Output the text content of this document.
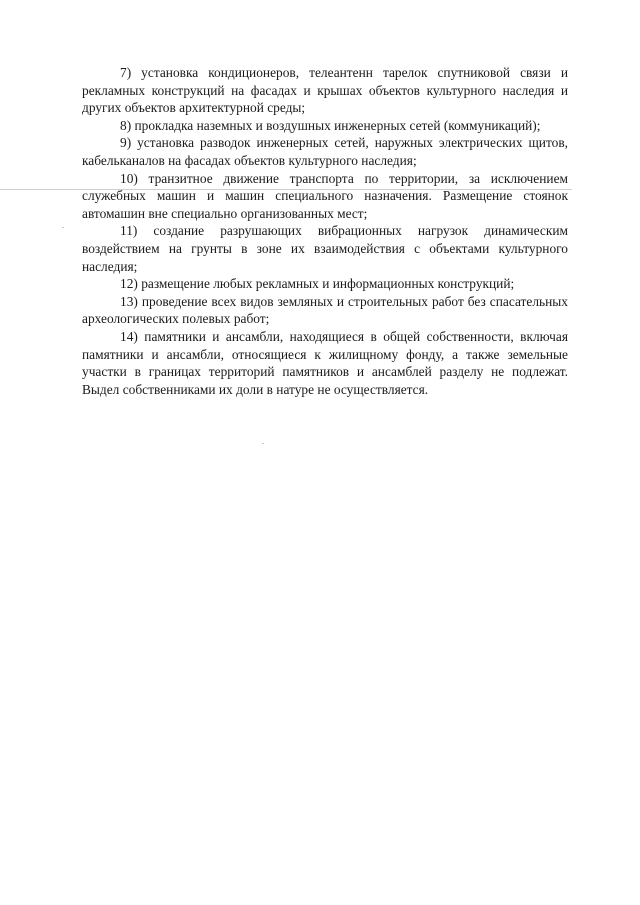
7) установка кондиционеров, телеантенн тарелок спутниковой связи и рекламных конструкций на фасадах и крышах объектов культурного наследия и других объектов архитектурной среды;

8) прокладка наземных и воздушных инженерных сетей (коммуникаций);

9) установка разводок инженерных сетей, наружных электрических щитов, кабельканалов на фасадах объектов культурного наследия;

10) транзитное движение транспорта по территории, за исключением служебных машин и машин специального назначения. Размещение стоянок автомашин вне специально организованных мест;

11) создание разрушающих вибрационных нагрузок динамическим воздействием на грунты в зоне их взаимодействия с объектами культурного наследия;

12) размещение любых рекламных и информационных конструкций;

13) проведение всех видов земляных и строительных работ без спасательных археологических полевых работ;

14) памятники и ансамбли, находящиеся в общей собственности, включая памятники и ансамбли, относящиеся к жилищному фонду, а также земельные участки в границах территорий памятников и ансамблей разделу не подлежат. Выдел собственниками их доли в натуре не осуществляется.
